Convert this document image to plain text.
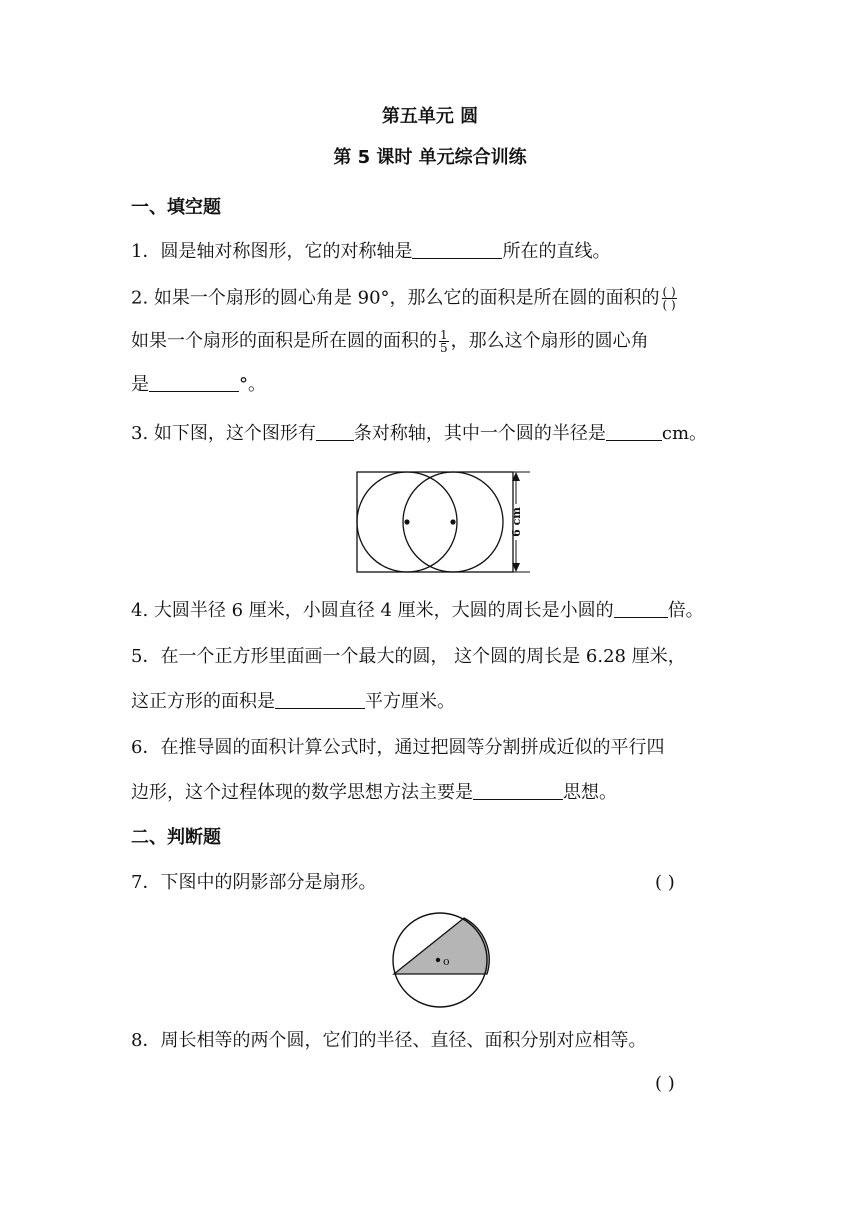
第五单元 圆
第 5 课时 单元综合训练
一、填空题
1．圆是轴对称图形，它的对称轴是	所在的直线。
2. 如果一个扇形的圆心角是 90°，那么它的面积是所在圆的面积的 $\frac{( )}{( )}$
如果一个扇形的面积是所在圆的面积的 $\frac{1}{5}$ ，那么这个扇形的圆心角
是	°。
3. 如下图，这个图形有 条对称轴，其中一个圆的半径是	cm。
6 cm
4. 大圆半径 6 厘米，小圆直径 4 厘米，大圆的周长是小圆的	倍。
5．在一个正方形里面画一个最大的圆， 这个圆的周长是 6.28 厘米，
这正方形的面积是	平方厘米。
6．在推导圆的面积计算公式时，通过把圆等分割拼成近似的平行四
边形，这个过程体现的数学思想方法主要是	思想。
二、判断题
7．下图中的阴影部分是扇形。	( )
o
8．周长相等的两个圆，它们的半径、直径、面积分别对应相等。
( )
